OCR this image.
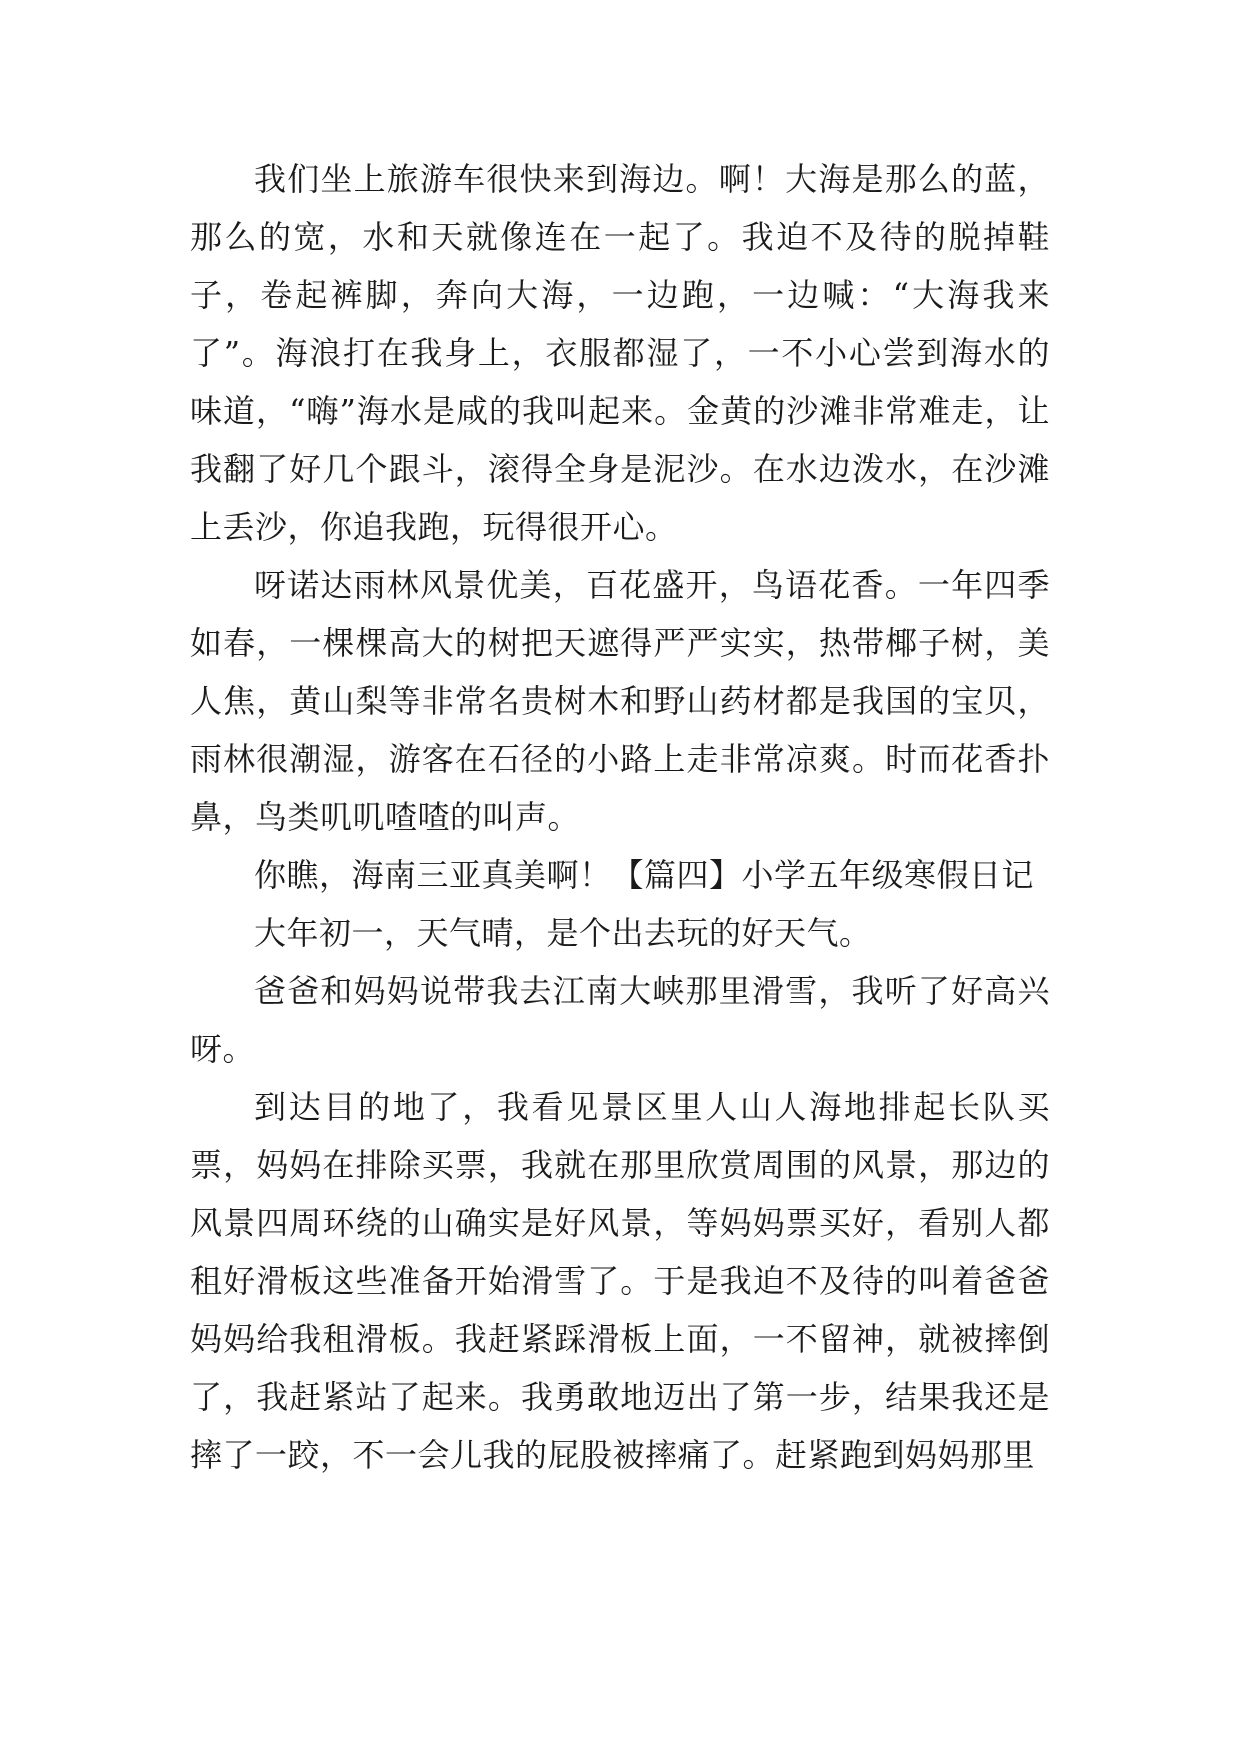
我们坐上旅游车很快来到海边。啊！大海是那么的蓝，那么的宽，水和天就像连在一起了。我迫不及待的脱掉鞋子，卷起裤脚，奔向大海，一边跑，一边喊：“大海我来了”。海浪打在我身上，衣服都湿了，一不小心尝到海水的味道，“嗨”海水是咸的我叫起来。金黄的沙滩非常难走，让我翻了好几个跟斗，滚得全身是泥沙。在水边泼水，在沙滩上丢沙，你追我跑，玩得很开心。

呀诺达雨林风景优美，百花盛开，鸟语花香。一年四季如春，一棵棵高大的树把天遮得严严实实，热带椰子树，美人焦，黄山梨等非常名贵树木和野山药材都是我国的宝贝，雨林很潮湿，游客在石径的小路上走非常凉爽。时而花香扑鼻，鸟类叽叽喳喳的叫声。

你瞧，海南三亚真美啊！【篇四】小学五年级寒假日记

大年初一，天气晴，是个出去玩的好天气。

爸爸和妈妈说带我去江南大峡那里滑雪，我听了好高兴呀。

到达目的地了，我看见景区里人山人海地排起长队买票，妈妈在排除买票，我就在那里欣赏周围的风景，那边的风景四周环绕的山确实是好风景，等妈妈票买好，看别人都租好滑板这些准备开始滑雪了。于是我迫不及待的叫着爸爸妈妈给我租滑板。我赶紧踩滑板上面，一不留神，就被摔倒了，我赶紧站了起来。我勇敢地迈出了第一步，结果我还是摔了一跤，不一会儿我的屁股被摔痛了。赶紧跑到妈妈那里
